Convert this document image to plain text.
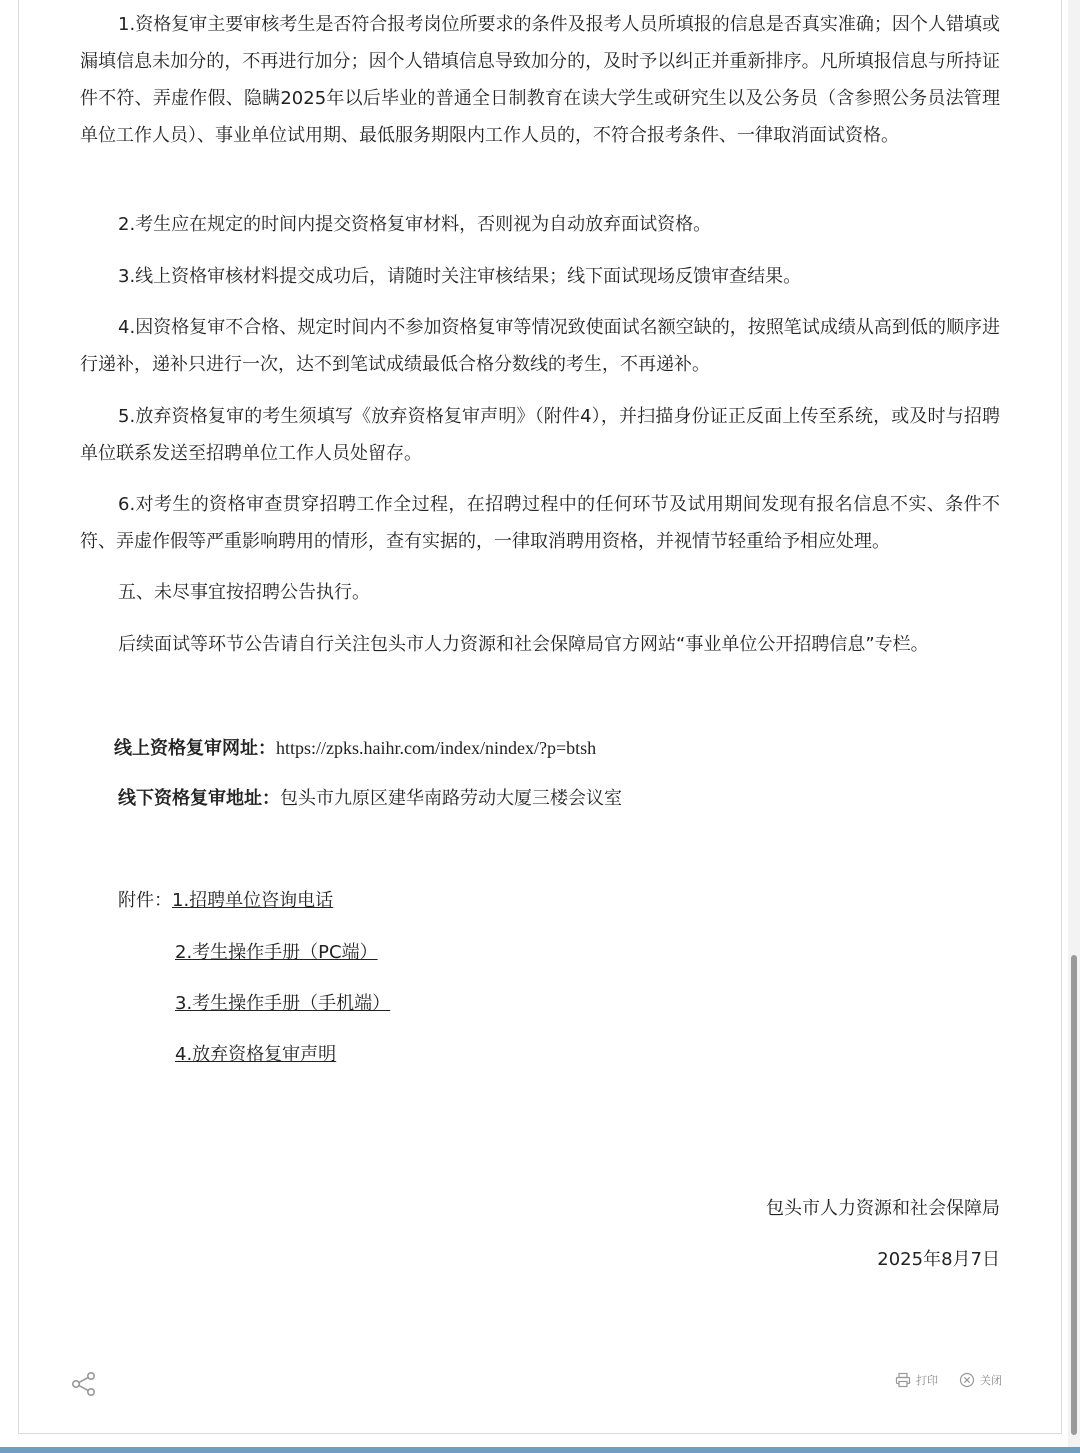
1.资格复审主要审核考生是否符合报考岗位所要求的条件及报考人员所填报的信息是否真实准确；因个人错填或漏填信息未加分的，不再进行加分；因个人错填信息导致加分的，及时予以纠正并重新排序。凡所填报信息与所持证件不符、弄虚作假、隐瞒2025年以后毕业的普通全日制教育在读大学生或研究生以及公务员（含参照公务员法管理单位工作人员）、事业单位试用期、最低服务期限内工作人员的，不符合报考条件、一律取消面试资格。

2.考生应在规定的时间内提交资格复审材料，否则视为自动放弃面试资格。

3.线上资格审核材料提交成功后，请随时关注审核结果；线下面试现场反馈审查结果。

4.因资格复审不合格、规定时间内不参加资格复审等情况致使面试名额空缺的，按照笔试成绩从高到低的顺序进行递补，递补只进行一次，达不到笔试成绩最低合格分数线的考生，不再递补。

5.放弃资格复审的考生须填写《放弃资格复审声明》（附件4），并扫描身份证正反面上传至系统，或及时与招聘单位联系发送至招聘单位工作人员处留存。

6.对考生的资格审查贯穿招聘工作全过程，在招聘过程中的任何环节及试用期间发现有报名信息不实、条件不符、弄虚作假等严重影响聘用的情形，查有实据的，一律取消聘用资格，并视情节轻重给予相应处理。

五、未尽事宜按招聘公告执行。

后续面试等环节公告请自行关注包头市人力资源和社会保障局官方网站“事业单位公开招聘信息”专栏。

线上资格复审网址：https://zpks.haihr.com/index/nindex/?p=btsh
线下资格复审地址：包头市九原区建华南路劳动大厦三楼会议室
附件：1.招聘单位咨询电话
2.考生操作手册（PC端）
3.考生操作手册（手机端）
4.放弃资格复审声明
包头市人力资源和社会保障局
2025年8月7日
打印	关闭
